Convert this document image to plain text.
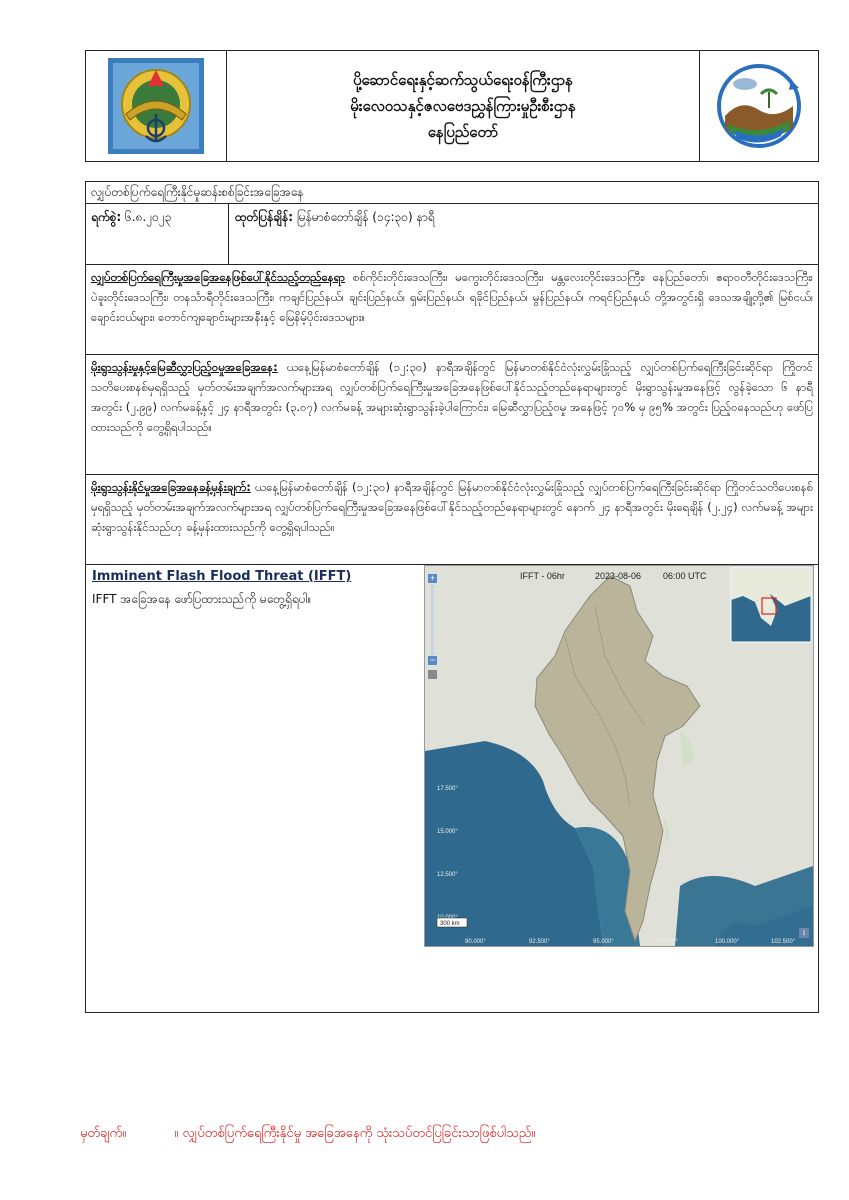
ပို့ဆောင်ရေးနှင့်ဆက်သွယ်ရေးဝန်ကြီးဌာန
မိုးလေဝသနှင့်ဇလဗေဒညွှန်ကြားမှုဦးစီးဌာန
နေပြည်တော်
လျှပ်တစ်ပြက်ရေကြီးနိုင်မှုဆန်းစစ်ခြင်းအခြေအနေ
ရက်စွဲ: ၆.၈.၂၀၂၃	ထုတ်ပြန်ချိန်: မြန်မာစံတော်ချိန် (၁၄:၃၀) နာရီ
လျှပ်တစ်ပြက်ရေကြီးမှုအခြေအနေဖြစ်ပေါ်နိုင်သည့်တည်နေရာ စစ်ကိုင်းတိုင်းဒေသကြီး၊ မကွေးတိုင်းဒေသကြီး၊ မန္တလေးတိုင်းဒေသကြီး၊ နေပြည်တော်၊ ဧရာဝတီတိုင်းဒေသကြီး၊ ပဲခူးတိုင်းဒေသကြီး၊ တနင်္သာရီတိုင်းဒေသကြီး၊ ကချင်ပြည်နယ်၊ ချင်းပြည်နယ်၊ ရှမ်းပြည်နယ်၊ ရခိုင်ပြည်နယ်၊ မွန်ပြည်နယ်၊ ကရင်ပြည်နယ် တို့အတွင်းရှိ ဒေသအချို့တို့၏ မြစ်ငယ်၊ ချောင်းငယ်များ၊ တောင်ကျချောင်းများအနီးနှင့် မြေနိမ့်ပိုင်းဒေသများ။
မိုးရွာသွန်းမှုနှင့်မြေဆီလွှာပြည့်ဝမှုအခြေအနေ: ယနေ့မြန်မာစံတော်ချိန် (၁၂:၃၀) နာရီအချိန်တွင် မြန်မာတစ်နိုင်ငံလုံးလွှမ်းခြုံသည့် လျှပ်တစ်ပြက်ရေကြီးခြင်းဆိုင်ရာ ကြိုတင်သတိပေးစနစ်မှရရှိသည့် မှတ်တမ်းအချက်အလက်များအရ လျှပ်တစ်ပြက်ရေကြီးမှုအခြေအနေဖြစ်ပေါ်နိုင်သည့်တည်နေရာများတွင် မိုးရွာသွန်းမှုအနေဖြင့် လွန်ခဲ့သော ၆ နာရီအတွင်း (၂.၉၉) လက်မခန့်နှင့် ၂၄ နာရီအတွင်း (၃.၀၇) လက်မခန့် အများဆုံးရွာသွန်းခဲ့ပါကြောင်း၊ မြေဆီလွှာပြည့်ဝမှု အနေဖြင့် ၇၀% မှ ၉၅% အတွင်း ပြည့်ဝနေသည်ဟု ဖော်ပြထားသည်ကို တွေ့ရှိရပါသည်။
မိုးရွာသွန်းနိုင်မှုအခြေအနေခန့်မှန်းချက်: ယနေ့မြန်မာစံတော်ချိန် (၁၂:၃၀) နာရီအချိန်တွင် မြန်မာတစ်နိုင်ငံလုံးလွှမ်းခြုံသည့် လျှပ်တစ်ပြက်ရေကြီးခြင်းဆိုင်ရာ ကြိုတင်သတိပေးစနစ်မှရရှိသည့် မှတ်တမ်းအချက်အလက်များအရ လျှပ်တစ်ပြက်ရေကြီးမှုအခြေအနေဖြစ်ပေါ်နိုင်သည့်တည်နေရာများတွင် နောက် ၂၄ နာရီအတွင်း မိုးရေချိန် (၂.၂၄) လက်မခန့် အများဆုံးရွာသွန်းနိုင်သည်ဟု ခန့်မှန်းထားသည်ကို တွေ့ရှိရပါသည်။
Imminent Flash Flood Threat (IFFT)
IFFT အခြေအနေ ဖော်ပြထားသည်ကို မတွေ့ရှိရပါ။
IFFT - 06hr	2023-08-06 06:00 UTC
17.500°
15.000°
12.500°
90.000°	92.500°	95.000°	97.500°	100.000°	102.500°
300 km
+
−
i
မှတ်ချက်။	။ လျှပ်တစ်ပြက်ရေကြီးနိုင်မှု အခြေအနေကို သုံးသပ်တင်ပြခြင်းသာဖြစ်ပါသည်။
